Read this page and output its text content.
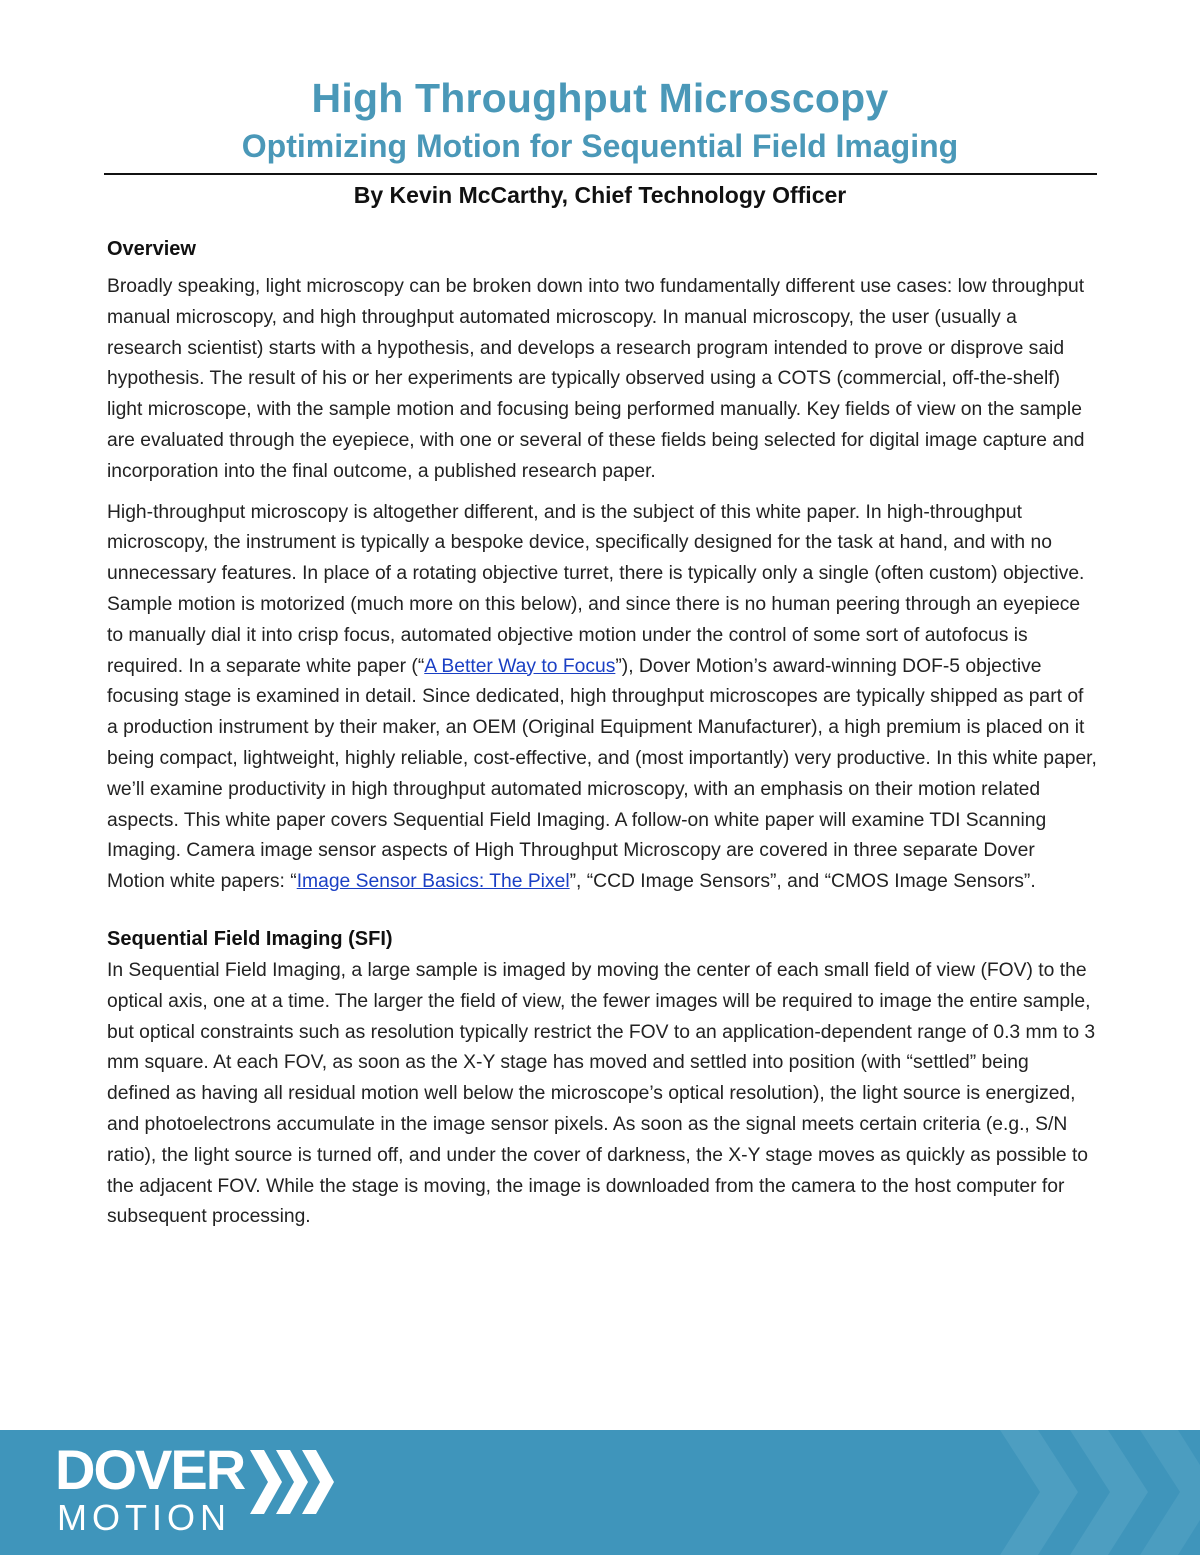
High Throughput Microscopy
Optimizing Motion for Sequential Field Imaging
By Kevin McCarthy, Chief Technology Officer
Overview

Broadly speaking, light microscopy can be broken down into two fundamentally different use cases: low throughput manual microscopy, and high throughput automated microscopy. In manual microscopy, the user (usually a research scientist) starts with a hypothesis, and develops a research program intended to prove or disprove said hypothesis. The result of his or her experiments are typically observed using a COTS (commercial, off-the-shelf) light microscope, with the sample motion and focusing being performed manually. Key fields of view on the sample are evaluated through the eyepiece, with one or several of these fields being selected for digital image capture and incorporation into the final outcome, a published research paper.

High-throughput microscopy is altogether different, and is the subject of this white paper. In high-throughput microscopy, the instrument is typically a bespoke device, specifically designed for the task at hand, and with no unnecessary features. In place of a rotating objective turret, there is typically only a single (often custom) objective. Sample motion is motorized (much more on this below), and since there is no human peering through an eyepiece to manually dial it into crisp focus, automated objective motion under the control of some sort of autofocus is required. In a separate white paper (“A Better Way to Focus”), Dover Motion’s award-winning DOF-5 objective focusing stage is examined in detail. Since dedicated, high throughput microscopes are typically shipped as part of a production instrument by their maker, an OEM (Original Equipment Manufacturer), a high premium is placed on it being compact, lightweight, highly reliable, cost-effective, and (most importantly) very productive. In this white paper, we’ll examine productivity in high throughput automated microscopy, with an emphasis on their motion related aspects. This white paper covers Sequential Field Imaging. A follow-on white paper will examine TDI Scanning Imaging. Camera image sensor aspects of High Throughput Microscopy are covered in three separate Dover Motion white papers: “Image Sensor Basics: The Pixel”, “CCD Image Sensors”, and “CMOS Image Sensors”.

Sequential Field Imaging (SFI)

In Sequential Field Imaging, a large sample is imaged by moving the center of each small field of view (FOV) to the optical axis, one at a time. The larger the field of view, the fewer images will be required to image the entire sample, but optical constraints such as resolution typically restrict the FOV to an application-dependent range of 0.3 mm to 3 mm square. At each FOV, as soon as the X-Y stage has moved and settled into position (with “settled” being defined as having all residual motion well below the microscope’s optical resolution), the light source is energized, and photoelectrons accumulate in the image sensor pixels. As soon as the signal meets certain criteria (e.g., S/N ratio), the light source is turned off, and under the cover of darkness, the X-Y stage moves as quickly as possible to the adjacent FOV. While the stage is moving, the image is downloaded from the camera to the host computer for subsequent processing.

DOVER
MOTION
